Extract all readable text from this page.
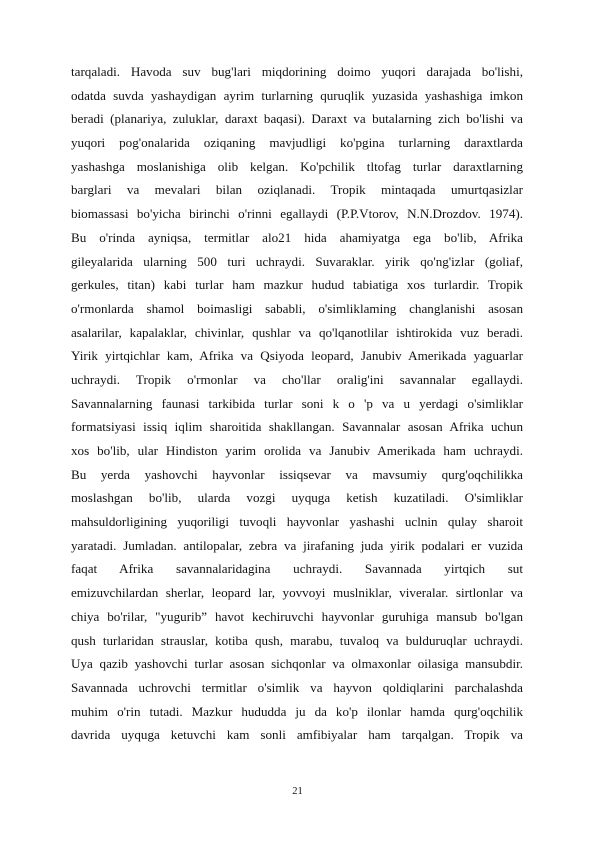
tarqaladi. Havoda suv bug'lari miqdorining doimo yuqori darajada bo'lishi,
odatda suvda yashaydigan ayrim turlarning quruqlik yuzasida yashashiga imkon
beradi (planariya, zuluklar, daraxt baqasi). Daraxt va butalarning zich bo'lishi va
yuqori pog'onalarida oziqaning mavjudligi ko'pgina turlarning daraxtlarda
yashashga moslanishiga olib kelgan. Ko'pchilik tltofag turlar daraxtlarning
barglari va mevalari bilan oziqlanadi. Tropik mintaqada umurtqasizlar
biomassasi bo'yicha birinchi o'rinni egallaydi (P.P.Vtorov, N.N.Drozdov. 1974).
Bu o'rinda ayniqsa, termitlar alo21 hida ahamiyatga ega bo'lib, Afrika
gileyalarida ularning 500 turi uchraydi. Suvaraklar. yirik qo'ng'izlar (goliaf,
gerkules, titan) kabi turlar ham mazkur hudud tabiatiga xos turlardir. Tropik
o'rmonlarda shamol boimasligi sababli, o'simliklaming changlanishi asosan
asalarilar, kapalaklar, chivinlar, qushlar va qo'lqanotlilar ishtirokida vuz beradi.
Yirik yirtqichlar kam, Afrika va Qsiyoda leopard, Janubiv Amerikada yaguarlar
uchraydi. Tropik o'rmonlar va cho'llar oralig'ini savannalar egallaydi.
Savannalarning faunasi tarkibida turlar soni k o 'p va u yerdagi o'simliklar
formatsiyasi issiq iqlim sharoitida shakllangan. Savannalar asosan Afrika uchun
xos bo'lib, ular Hindiston yarim orolida va Janubiv Amerikada ham uchraydi.
Bu yerda yashovchi hayvonlar issiqsevar va mavsumiy qurg'oqchilikka
moslashgan bo'lib, ularda vozgi uyquga ketish kuzatiladi. O'simliklar
mahsuldorligining yuqoriligi tuvoqli hayvonlar yashashi uclnin qulay sharoit
yaratadi. Jumladan. antilopalar, zebra va jirafaning juda yirik podalari er vuzida
faqat Afrika savannalaridagina uchraydi. Savannada yirtqich sut
emizuvchilardan sherlar, leopard lar, yovvoyi muslniklar, viveralar. sirtlonlar va
chiya bo'rilar, "yugurib” havot kechiruvchi hayvonlar guruhiga mansub bo'lgan
qush turlaridan strauslar, kotiba qush, marabu, tuvaloq va bulduruqlar uchraydi.
Uya qazib yashovchi turlar asosan sichqonlar va olmaxonlar oilasiga mansubdir.
Savannada uchrovchi termitlar o'simlik va hayvon qoldiqlarini parchalashda
muhim o'rin tutadi. Mazkur hududda ju da ko'p ilonlar hamda qurg'oqchilik
davrida uyquga ketuvchi kam sonli amfibiyalar ham tarqalgan. Tropik va
21
